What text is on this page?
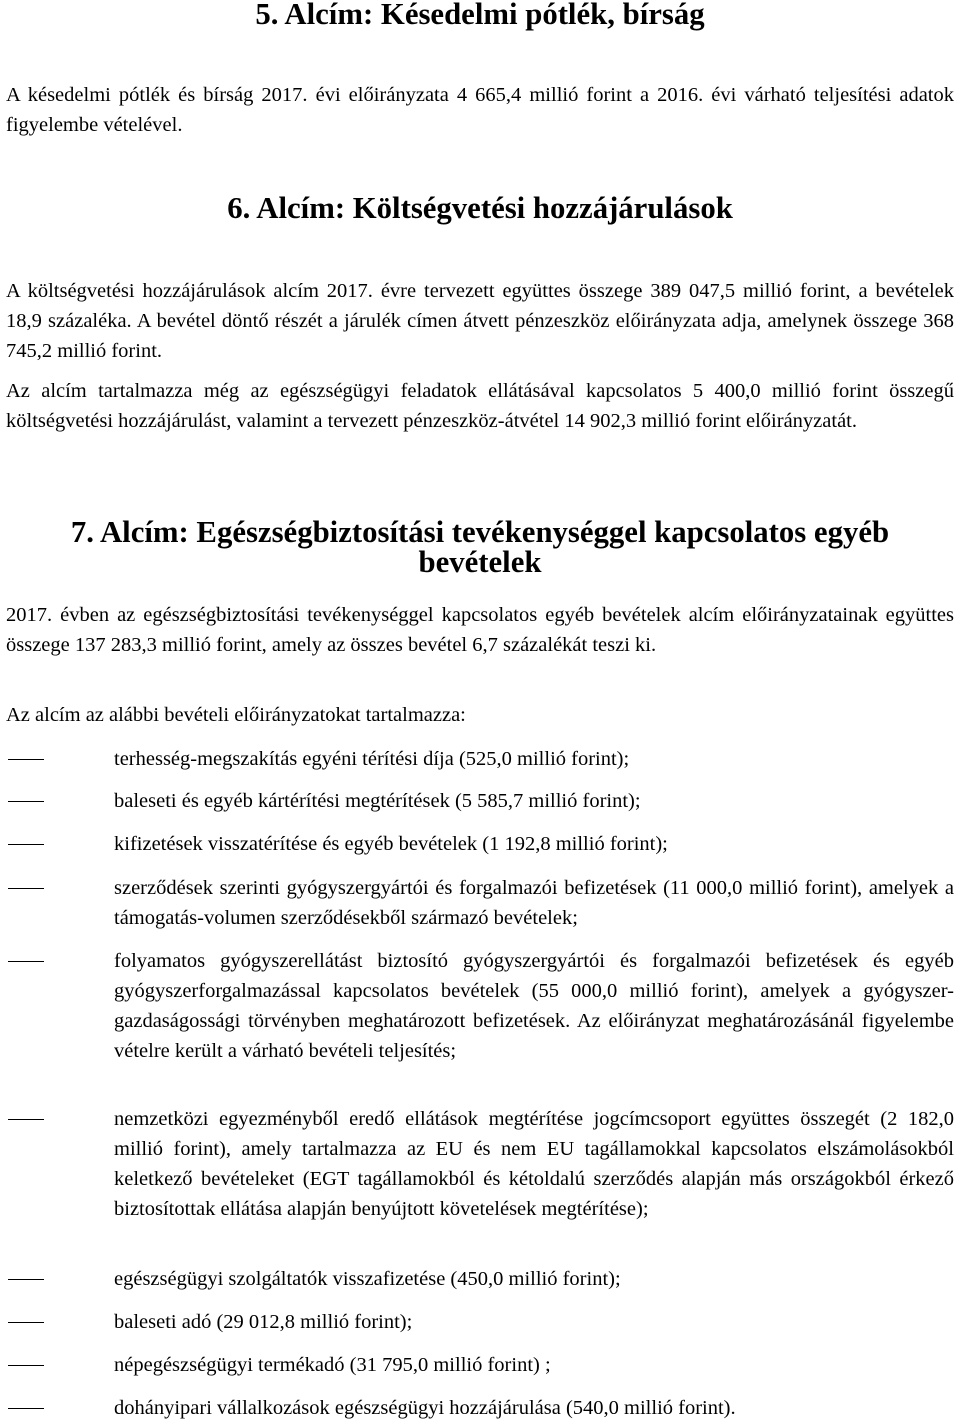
5. Alcím: Késedelmi pótlék, bírság

A késedelmi pótlék és bírság 2017. évi előirányzata 4 665,4 millió forint a 2016. évi várható teljesítési adatok figyelembe vételével.

6. Alcím: Költségvetési hozzájárulások

A költségvetési hozzájárulások alcím 2017. évre tervezett együttes összege 389 047,5 millió forint, a bevételek 18,9 százaléka. A bevétel döntő részét a járulék címen átvett pénzeszköz előirányzata adja, amelynek összege 368 745,2 millió forint.

Az alcím tartalmazza még az egészségügyi feladatok ellátásával kapcsolatos 5 400,0 millió forint összegű költségvetési hozzájárulást, valamint a tervezett pénzeszköz-átvétel 14 902,3 millió forint előirányzatát.

7. Alcím: Egészségbiztosítási tevékenységgel kapcsolatos egyéb bevételek

2017. évben az egészségbiztosítási tevékenységgel kapcsolatos egyéb bevételek alcím előirányzatainak együttes összege 137 283,3 millió forint, amely az összes bevétel 6,7 százalékát teszi ki.

Az alcím az alábbi bevételi előirányzatokat tartalmazza:

terhesség-megszakítás egyéni térítési díja (525,0 millió forint);
baleseti és egyéb kártérítési megtérítések (5 585,7 millió forint);
kifizetések visszatérítése és egyéb bevételek (1 192,8 millió forint);
szerződések szerinti gyógyszergyártói és forgalmazói befizetések (11 000,0 millió forint), amelyek a támogatás-volumen szerződésekből származó bevételek;
folyamatos gyógyszerellátást biztosító gyógyszergyártói és forgalmazói befizetések és egyéb gyógyszerforgalmazással kapcsolatos bevételek (55 000,0 millió forint), amelyek a gyógyszer-gazdaságossági törvényben meghatározott befizetések. Az előirányzat meghatározásánál figyelembe vételre került a várható bevételi teljesítés;
nemzetközi egyezményből eredő ellátások megtérítése jogcímcsoport együttes összegét (2 182,0 millió forint), amely tartalmazza az EU és nem EU tagállamokkal kapcsolatos elszámolásokból keletkező bevételeket (EGT tagállamokból és kétoldalú szerződés alapján más országokból érkező biztosítottak ellátása alapján benyújtott követelések megtérítése);
egészségügyi szolgáltatók visszafizetése (450,0 millió forint);
baleseti adó (29 012,8 millió forint);
népegészségügyi termékadó (31 795,0 millió forint) ;
dohányipari vállalkozások egészségügyi hozzájárulása (540,0 millió forint).
